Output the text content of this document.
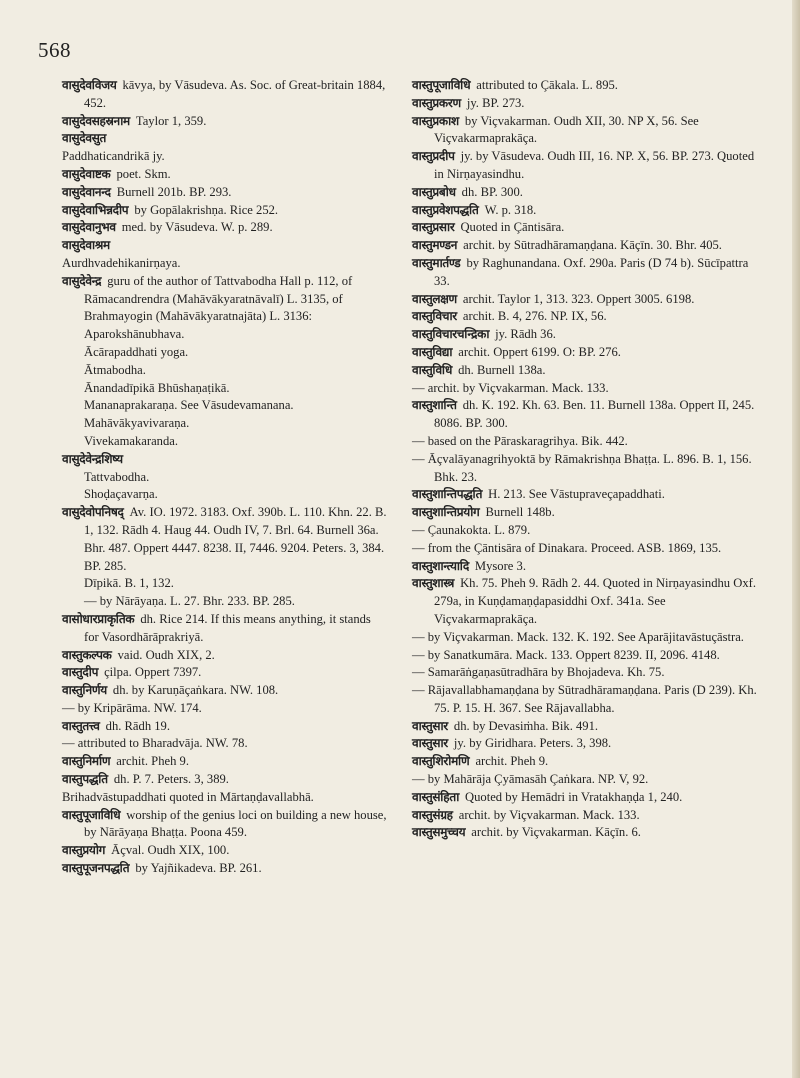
568
वासुदेवविजय kāvya, by Vāsudeva. As. Soc. of Great-britain 1884, 452.
वासुदेवसहस्रनाम Taylor 1, 359.
वासुदेवसुत
Paddhaticandrikā jy.
वासुदेवाष्टक poet. Skm.
वासुदेवानन्द Burnell 201b. BP. 293.
वासुदेवाभिन्नदीप by Gopālakrishṇa. Rice 252.
वासुदेवानुभव med. by Vāsudeva. W. p. 289.
वासुदेवाश्रम
Aurdhvadehikanirṇaya.
वासुदेवेन्द्र guru of the author of Tattvabodha Hall p. 112, of Rāmacandrendra (Mahāvākyaratnāvalī) L. 3135, of Brahmayogin (Mahāvākyaratnajāta) L. 3136:
Aparokshānubhava.
Ācārapaddhati yoga.
Ātmabodha.
Ānandadīpikā Bhūshaṇaṭikā.
Mananaprakaraṇa. See Vāsudevamanana.
Mahāvākyavivaraṇa.
Vivekamakaranda.
वासुदेवेन्द्रशिष्य
Tattvabodha.
Shoḍaçavarṇa.
वासुदेवोपनिषद् Av. IO. 1972. 3183. Oxf. 390b. L. 110. Khn. 22. B. 1, 132. Rādh 4. Haug 44. Oudh IV, 7. Brl. 64. Burnell 36a. Bhr. 487. Oppert 4447. 8238. II, 7446. 9204. Peters. 3, 384. BP. 285.
Dīpikā. B. 1, 132.
— by Nārāyaṇa. L. 27. Bhr. 233. BP. 285.
वासोधारप्राकृतिक dh. Rice 214. If this means anything, it stands for Vasordhārāprakriyā.
वास्तुकल्पक vaid. Oudh XIX, 2.
वास्तुदीप çilpa. Oppert 7397.
वास्तुनिर्णय dh. by Karuṇāçaṅkara. NW. 108.
— by Kripārāma. NW. 174.
वास्तुतत्त्व dh. Rādh 19.
— attributed to Bharadvāja. NW. 78.
वास्तुनिर्माण archit. Pheh 9.
वास्तुपद्धति dh. P. 7. Peters. 3, 389.
Brihadvāstupaddhati quoted in Mārtaṇḍavallabhā.
वास्तुपूजाविधि worship of the genius loci on building a new house, by Nārāyaṇa Bhaṭṭa. Poona 459.
वास्तुप्रयोग Āçval. Oudh XIX, 100.
वास्तुपूजनपद्धति by Yajñikadeva. BP. 261.
वास्तुपूजाविधि attributed to Çākala. L. 895.
वास्तुप्रकरण jy. BP. 273.
वास्तुप्रकाश by Viçvakarman. Oudh XII, 30. NP X, 56. See Viçvakarmaprakāça.
वास्तुप्रदीप jy. by Vāsudeva. Oudh III, 16. NP. X, 56. BP. 273. Quoted in Nirṇayasindhu.
वास्तुप्रबोध dh. BP. 300.
वास्तुप्रवेशपद्धति W. p. 318.
वास्तुप्रसार Quoted in Çāntisāra.
वास्तुमण्डन archit. by Sūtradhāramaṇḍana. Kāçīn. 30. Bhr. 405.
वास्तुमार्तण्ड by Raghunandana. Oxf. 290a. Paris (D 74 b). Sūcīpattra 33.
वास्तुलक्षण archit. Taylor 1, 313. 323. Oppert 3005. 6198.
वास्तुविचार archit. B. 4, 276. NP. IX, 56.
वास्तुविचारचन्द्रिका jy. Rādh 36.
वास्तुविद्या archit. Oppert 6199. O: BP. 276.
वास्तुविधि dh. Burnell 138a.
— archit. by Viçvakarman. Mack. 133.
वास्तुशान्ति dh. K. 192. Kh. 63. Ben. 11. Burnell 138a. Oppert II, 245. 8086. BP. 300.
— based on the Pāraskaragrihya. Bik. 442.
— Āçvalāyanagrihyoktā by Rāmakrishṇa Bhaṭṭa. L. 896. B. 1, 156. Bhk. 23.
वास्तुशान्तिपद्धति H. 213. See Vāstupraveçapaddhati.
वास्तुशान्तिप्रयोग Burnell 148b.
— Çaunakokta. L. 879.
— from the Çāntisāra of Dinakara. Proceed. ASB. 1869, 135.
वास्तुशान्त्यादि Mysore 3.
वास्तुशास्त्र Kh. 75. Pheh 9. Rādh 2. 44. Quoted in Nirṇayasindhu Oxf. 279a, in Kuṇḍamaṇḍapasiddhi Oxf. 341a. See Viçvakarmaprakāça.
— by Viçvakarman. Mack. 132. K. 192. See Aparājitavāstuçāstra.
— by Sanatkumāra. Mack. 133. Oppert 8239. II, 2096. 4148.
— Samarāṅgaṇasūtradhāra by Bhojadeva. Kh. 75.
— Rājavallabhamaṇḍana by Sūtradhāramaṇḍana. Paris (D 239). Kh. 75. P. 15. H. 367. See Rājavallabha.
वास्तुसार dh. by Devasiṁha. Bik. 491.
वास्तुसार jy. by Giridhara. Peters. 3, 398.
वास्तुशिरोमणि archit. Pheh 9.
— by Mahārāja Çyāmasāh Çaṅkara. NP. V, 92.
वास्तुसंहिता Quoted by Hemādri in Vratakhaṇḍa 1, 240.
वास्तुसंग्रह archit. by Viçvakarman. Mack. 133.
वास्तुसमुच्चय archit. by Viçvakarman. Kāçīn. 6.
